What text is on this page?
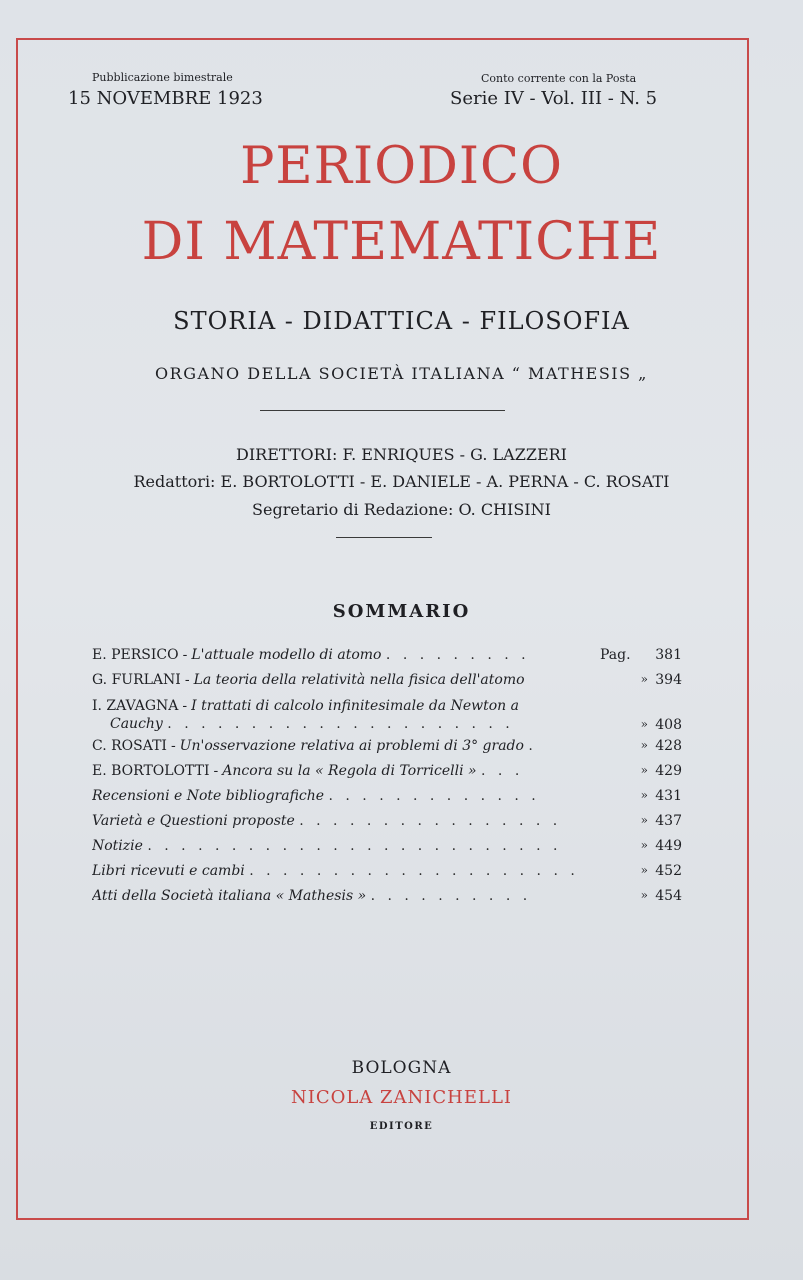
Pubblicazione bimestrale
15 NOVEMBRE 1923
Conto corrente con la Posta
Serie IV - Vol. III - N. 5
PERIODICO
DI MATEMATICHE
STORIA - DIDATTICA - FILOSOFIA
ORGANO DELLA SOCIETÀ ITALIANA “ MATHESIS „
DIRETTORI: F. ENRIQUES - G. LAZZERI
Redattori: E. BORTOLOTTI - E. DANIELE - A. PERNA - C. ROSATI
Segretario di Redazione: O. CHISINI
SOMMARIO
E. PERSICO - L'attuale modello di atomo . . . . . . . . .	Pag.	381
G. FURLANI - La teoria della relatività nella fisica dell'atomo	» 394
I. ZAVAGNA - I trattati di calcolo infinitesimale da Newton a
Cauchy . . . . . . . . . . . . . . . . . . . . .	» 408
C. ROSATI - Un'osservazione relativa ai problemi di 3° grado .	» 428
E. BORTOLOTTI - Ancora su la « Regola di Torricelli » . . .	» 429
Recensioni e Note bibliografiche . . . . . . . . . . . . .	» 431
Varietà e Questioni proposte . . . . . . . . . . . . . . . .	» 437
Notizie . . . . . . . . . . . . . . . . . . . . . . . . .	» 449
Libri ricevuti e cambi . . . . . . . . . . . . . . . . . . . .	» 452
Atti della Società italiana « Mathesis » . . . . . . . . . .	» 454
BOLOGNA
NICOLA ZANICHELLI
EDITORE
